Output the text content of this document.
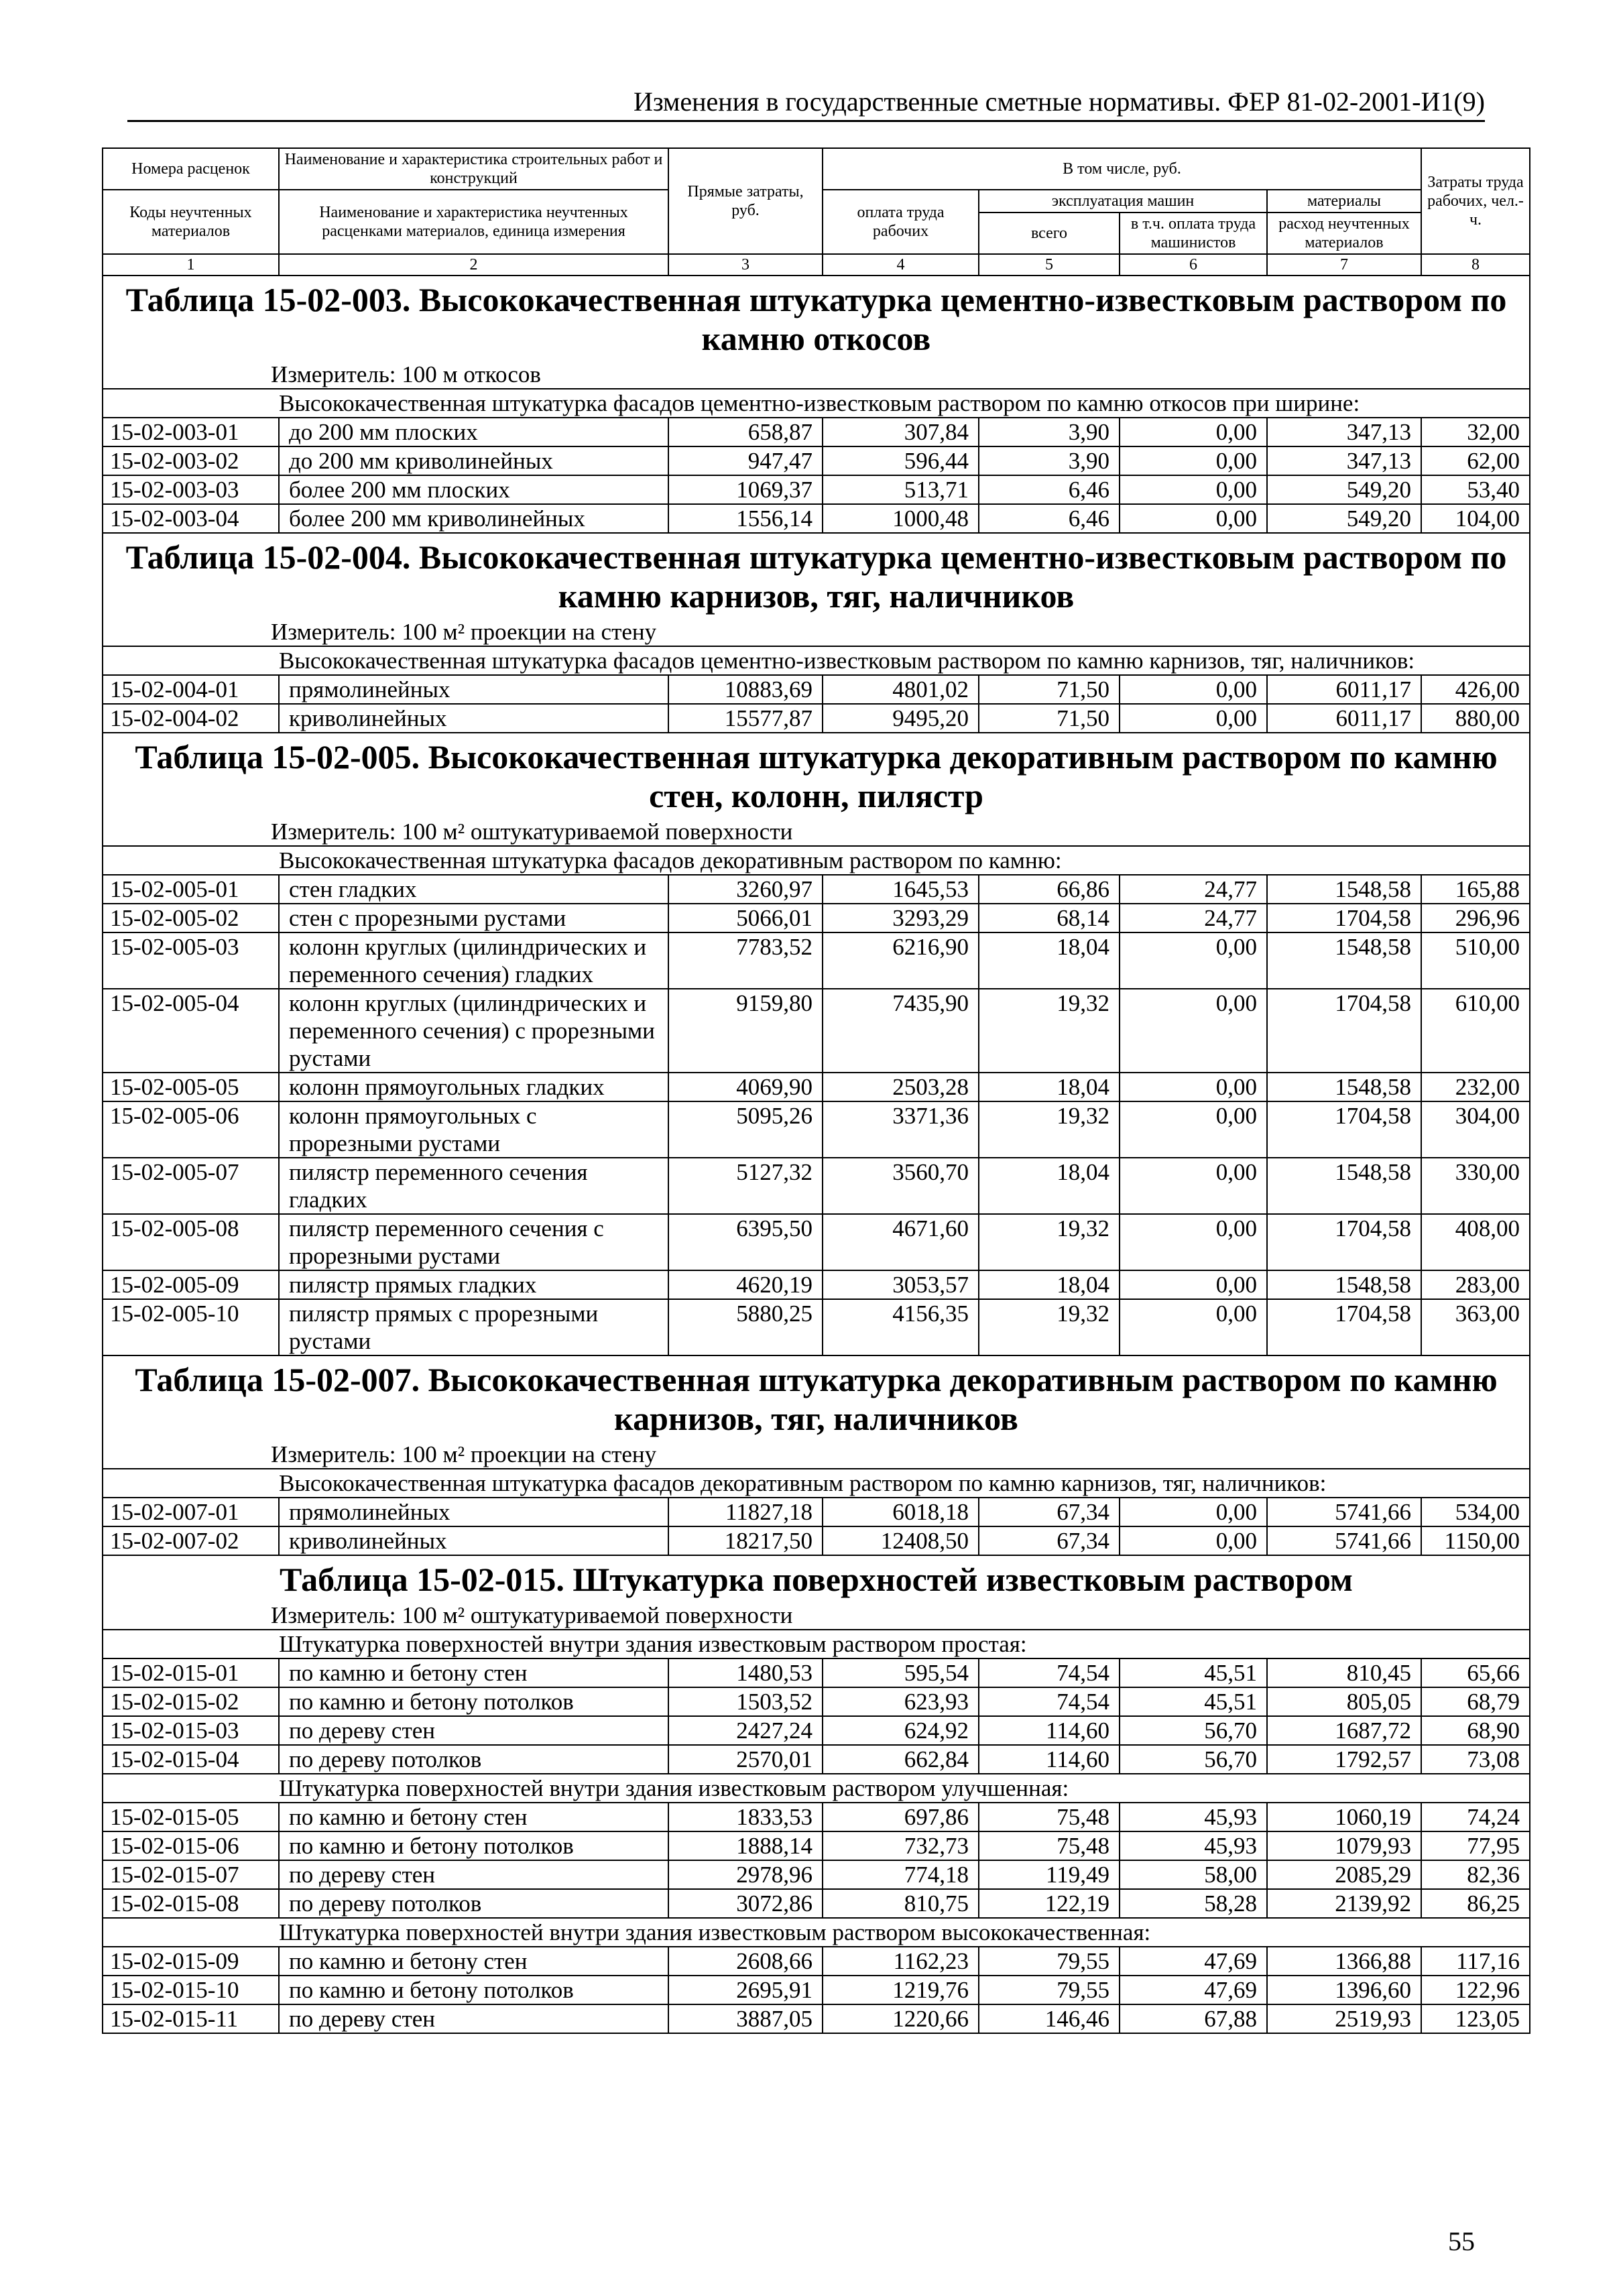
Изменения в государственные сметные нормативы. ФЕР 81-02-2001-И1(9)
Номера расценок	Наименование и характеристика строительных работ и конструкций	Прямые затраты, руб.	В том числе, руб.				Затраты труда рабочих, чел.-ч.
Коды неучтенных материалов	Наименование и характеристика неучтенных расценками материалов, единица измерения		оплата труда рабочих	эксплуатация машин		материалы	
				всего	в т.ч. оплата труда машинистов	расход неучтенных материалов	
1	2	3	4	5	6	7	8
Таблица 15-02-003. Высококачественная штукатурка цементно-известковым раствором по камню откосов							
Измеритель: 100 м откосов							
Высококачественная штукатурка фасадов цементно-известковым раствором по камню откосов при ширине:							
15-02-003-01	до 200 мм плоских	658,87	307,84	3,90	0,00	347,13	32,00
15-02-003-02	до 200 мм криволинейных	947,47	596,44	3,90	0,00	347,13	62,00
15-02-003-03	более 200 мм плоских	1069,37	513,71	6,46	0,00	549,20	53,40
15-02-003-04	более 200 мм криволинейных	1556,14	1000,48	6,46	0,00	549,20	104,00
Таблица 15-02-004. Высококачественная штукатурка цементно-известковым раствором по камню карнизов, тяг, наличников							
Измеритель: 100 м² проекции на стену							
Высококачественная штукатурка фасадов цементно-известковым раствором по камню карнизов, тяг, наличников:							
15-02-004-01	прямолинейных	10883,69	4801,02	71,50	0,00	6011,17	426,00
15-02-004-02	криволинейных	15577,87	9495,20	71,50	0,00	6011,17	880,00
Таблица 15-02-005. Высококачественная штукатурка декоративным раствором по камню стен, колонн, пилястр							
Измеритель: 100 м² оштукатуриваемой поверхности							
Высококачественная штукатурка фасадов декоративным раствором по камню:							
15-02-005-01	стен гладких	3260,97	1645,53	66,86	24,77	1548,58	165,88
15-02-005-02	стен с прорезными рустами	5066,01	3293,29	68,14	24,77	1704,58	296,96
15-02-005-03	колонн круглых (цилиндрических и переменного сечения) гладких	7783,52	6216,90	18,04	0,00	1548,58	510,00
15-02-005-04	колонн круглых (цилиндрических и переменного сечения) с прорезными рустами	9159,80	7435,90	19,32	0,00	1704,58	610,00
15-02-005-05	колонн прямоугольных гладких	4069,90	2503,28	18,04	0,00	1548,58	232,00
15-02-005-06	колонн прямоугольных с прорезными рустами	5095,26	3371,36	19,32	0,00	1704,58	304,00
15-02-005-07	пилястр переменного сечения гладких	5127,32	3560,70	18,04	0,00	1548,58	330,00
15-02-005-08	пилястр переменного сечения с прорезными рустами	6395,50	4671,60	19,32	0,00	1704,58	408,00
15-02-005-09	пилястр прямых гладких	4620,19	3053,57	18,04	0,00	1548,58	283,00
15-02-005-10	пилястр прямых с прорезными рустами	5880,25	4156,35	19,32	0,00	1704,58	363,00
Таблица 15-02-007. Высококачественная штукатурка декоративным раствором по камню карнизов, тяг, наличников							
Измеритель: 100 м² проекции на стену							
Высококачественная штукатурка фасадов декоративным раствором по камню карнизов, тяг, наличников:							
15-02-007-01	прямолинейных	11827,18	6018,18	67,34	0,00	5741,66	534,00
15-02-007-02	криволинейных	18217,50	12408,50	67,34	0,00	5741,66	1150,00
Таблица 15-02-015. Штукатурка поверхностей известковым раствором							
Измеритель: 100 м² оштукатуриваемой поверхности							
Штукатурка поверхностей внутри здания известковым раствором простая:							
15-02-015-01	по камню и бетону стен	1480,53	595,54	74,54	45,51	810,45	65,66
15-02-015-02	по камню и бетону потолков	1503,52	623,93	74,54	45,51	805,05	68,79
15-02-015-03	по дереву стен	2427,24	624,92	114,60	56,70	1687,72	68,90
15-02-015-04	по дереву потолков	2570,01	662,84	114,60	56,70	1792,57	73,08
Штукатурка поверхностей внутри здания известковым раствором улучшенная:							
15-02-015-05	по камню и бетону стен	1833,53	697,86	75,48	45,93	1060,19	74,24
15-02-015-06	по камню и бетону потолков	1888,14	732,73	75,48	45,93	1079,93	77,95
15-02-015-07	по дереву стен	2978,96	774,18	119,49	58,00	2085,29	82,36
15-02-015-08	по дереву потолков	3072,86	810,75	122,19	58,28	2139,92	86,25
Штукатурка поверхностей внутри здания известковым раствором высококачественная:							
15-02-015-09	по камню и бетону стен	2608,66	1162,23	79,55	47,69	1366,88	117,16
15-02-015-10	по камню и бетону потолков	2695,91	1219,76	79,55	47,69	1396,60	122,96
15-02-015-11	по дереву стен	3887,05	1220,66	146,46	67,88	2519,93	123,05
55
